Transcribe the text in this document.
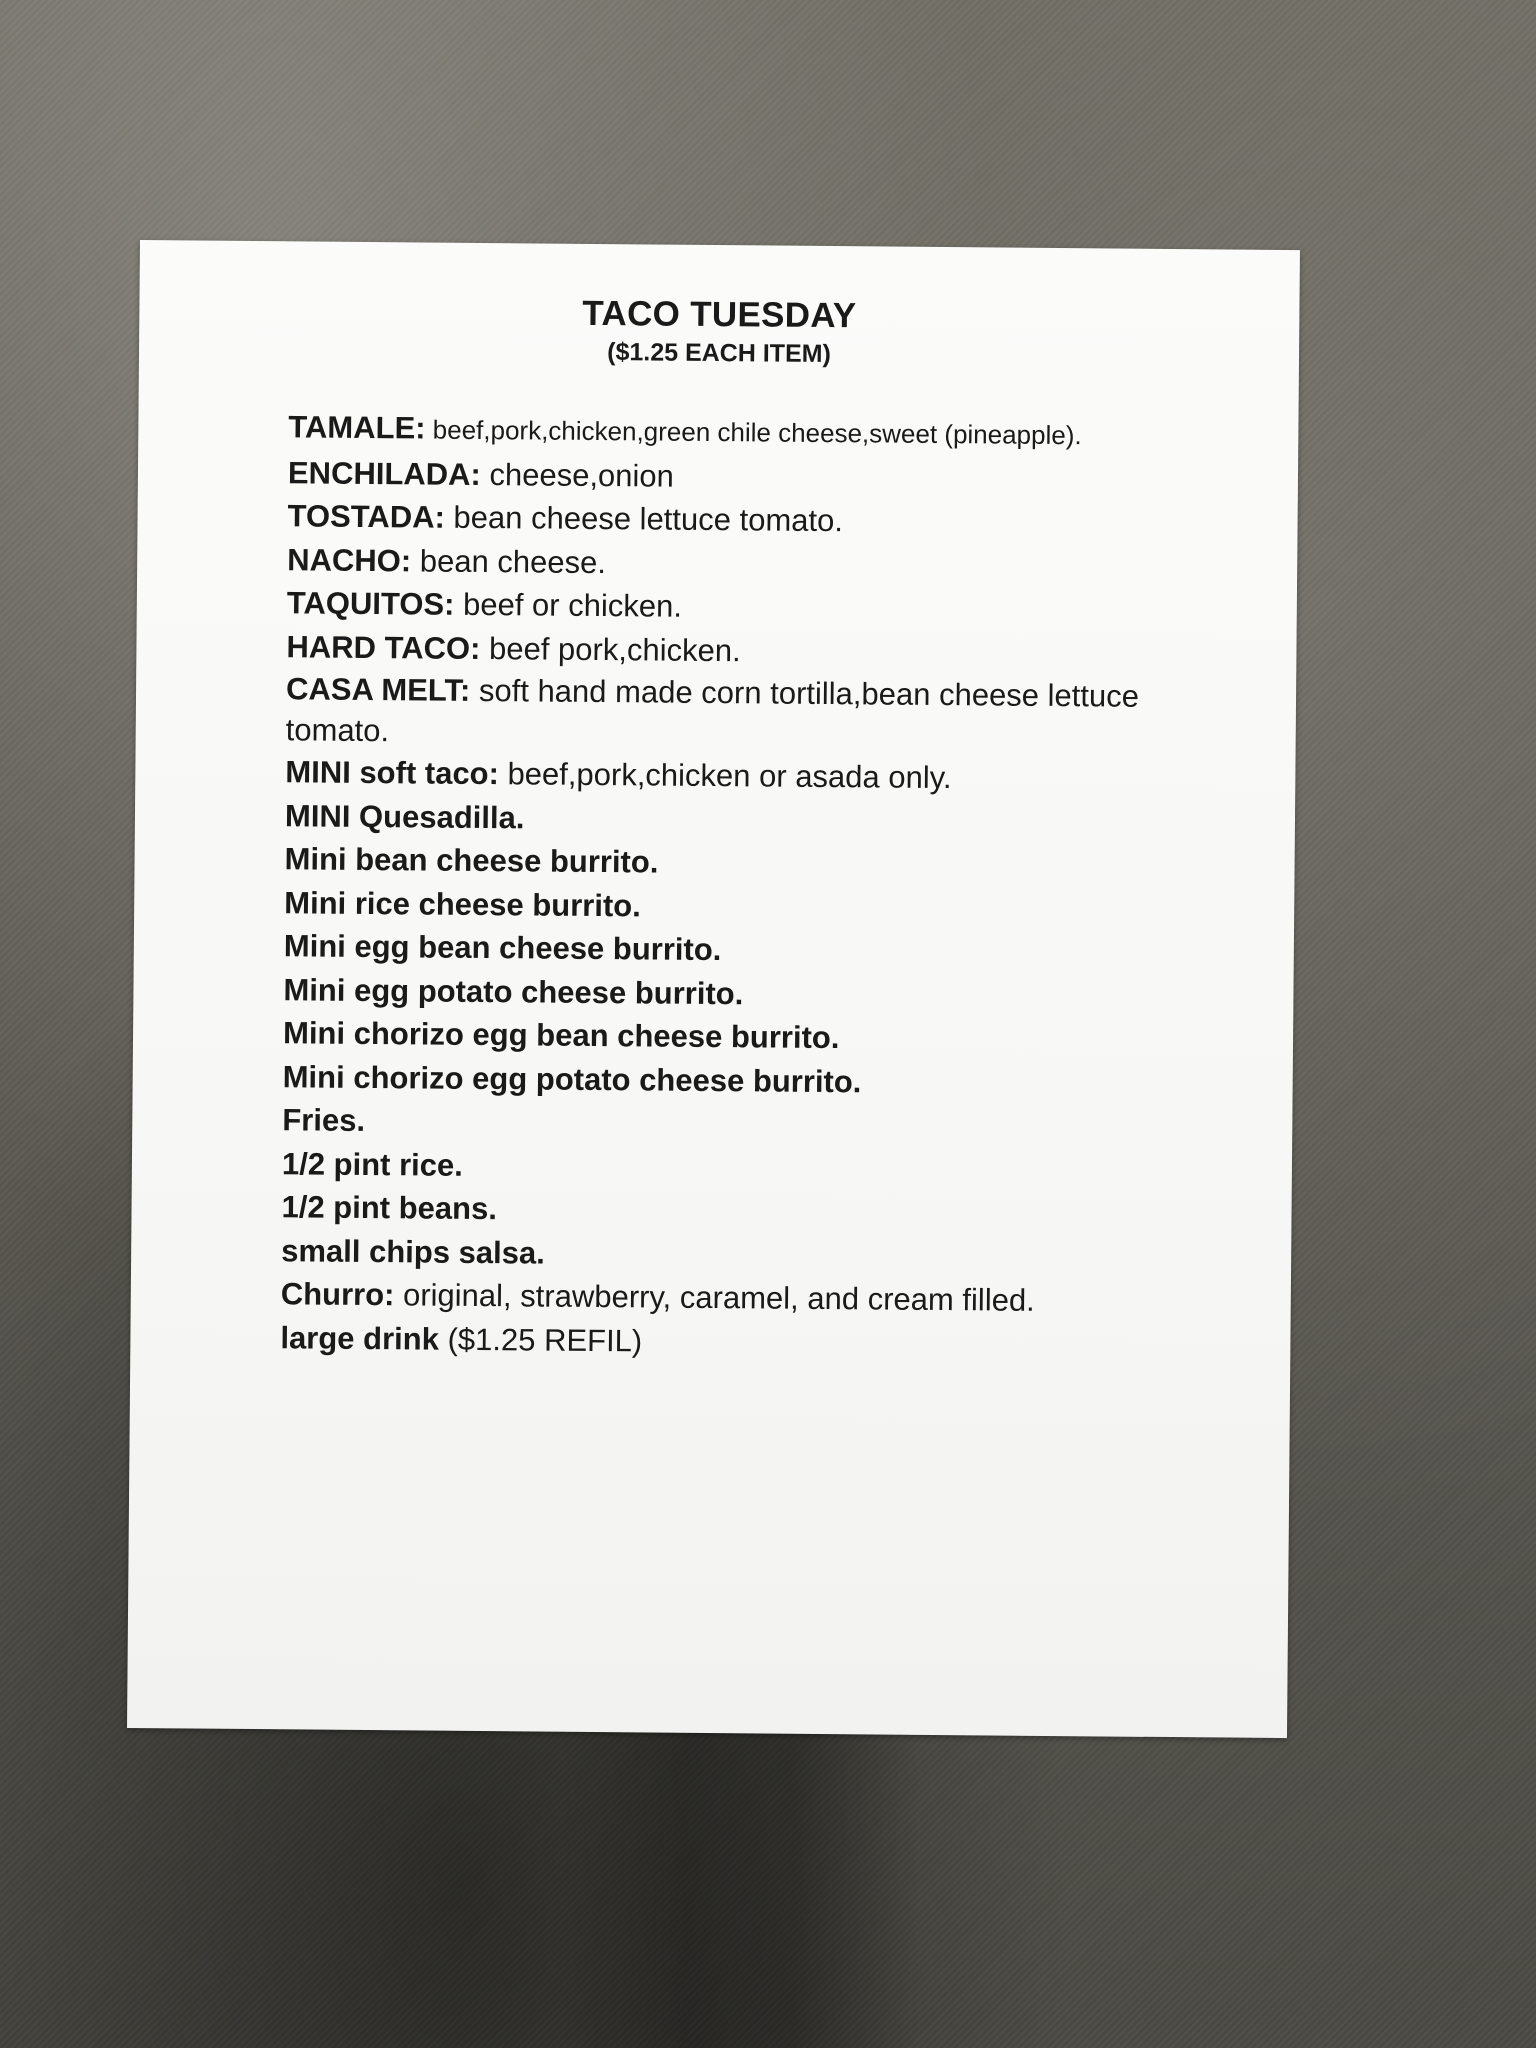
TACO TUESDAY
($1.25 EACH ITEM)
TAMALE: beef,pork,chicken,green chile cheese,sweet (pineapple).
ENCHILADA: cheese,onion
TOSTADA: bean cheese lettuce tomato.
NACHO: bean cheese.
TAQUITOS: beef or chicken.
HARD TACO: beef pork,chicken.
CASA MELT: soft hand made corn tortilla,bean cheese lettuce tomato.
MINI soft taco: beef,pork,chicken or asada only.
MINI Quesadilla.
Mini bean cheese burrito.
Mini rice cheese burrito.
Mini egg bean cheese burrito.
Mini egg potato cheese burrito.
Mini chorizo egg bean cheese burrito.
Mini chorizo egg potato cheese burrito.
Fries.
1/2 pint rice.
1/2 pint beans.
small chips salsa.
Churro: original, strawberry, caramel, and cream filled.
large drink ($1.25 REFIL)
